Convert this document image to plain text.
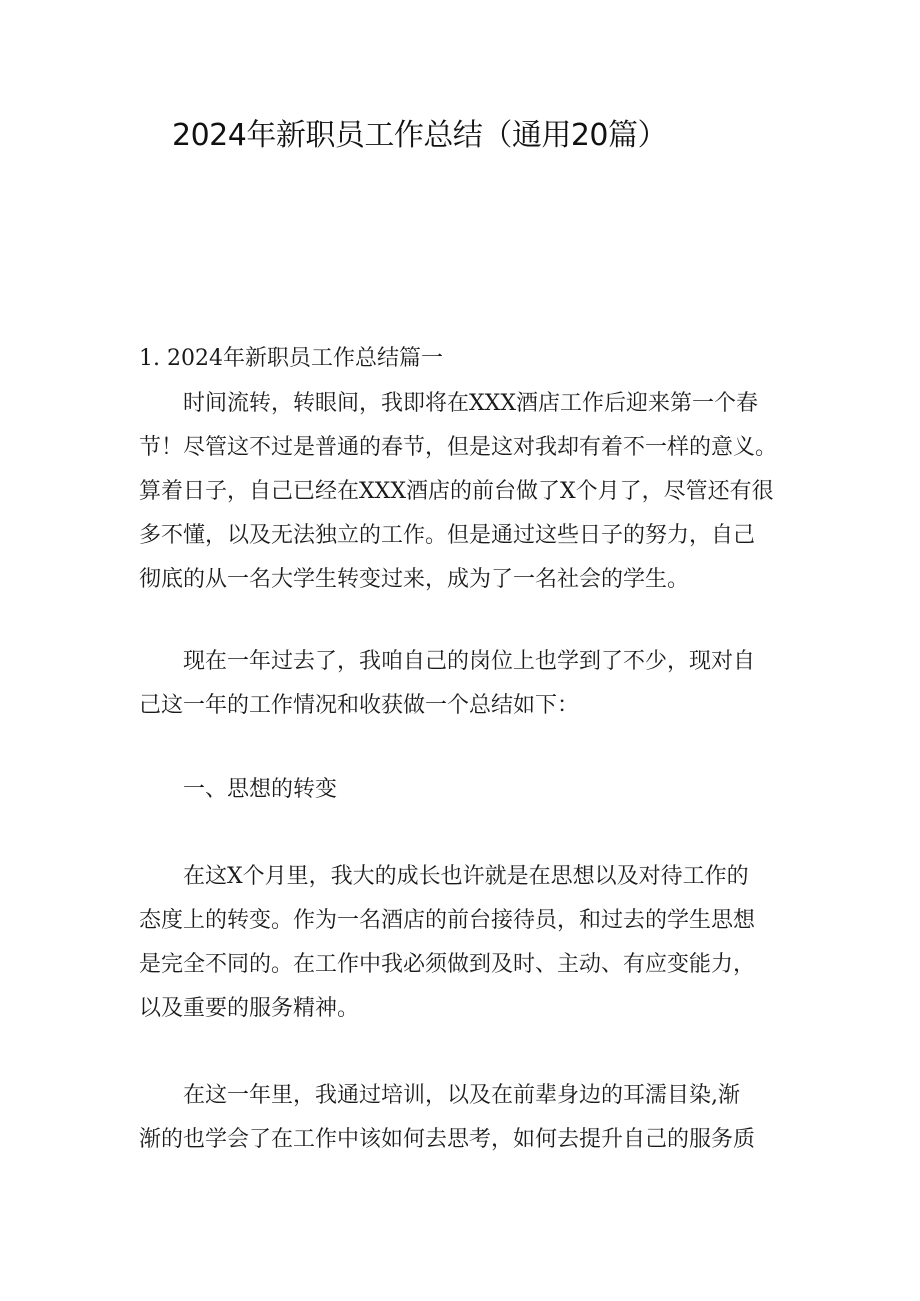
2024年新职员工作总结（通用20篇）
1. 2024年新职员工作总结篇一
时间流转，转眼间，我即将在XXX酒店工作后迎来第一个春
节！尽管这不过是普通的春节，但是这对我却有着不一样的意义。
算着日子，自己已经在XXX酒店的前台做了X个月了，尽管还有很
多不懂，以及无法独立的工作。但是通过这些日子的努力，自己
彻底的从一名大学生转变过来，成为了一名社会的学生。
现在一年过去了，我咱自己的岗位上也学到了不少，现对自
己这一年的工作情况和收获做一个总结如下：
一、思想的转变
在这X个月里，我大的成长也许就是在思想以及对待工作的
态度上的转变。作为一名酒店的前台接待员，和过去的学生思想
是完全不同的。在工作中我必须做到及时、主动、有应变能力，
以及重要的服务精神。
在这一年里，我通过培训，以及在前辈身边的耳濡目染,渐
渐的也学会了在工作中该如何去思考，如何去提升自己的服务质
